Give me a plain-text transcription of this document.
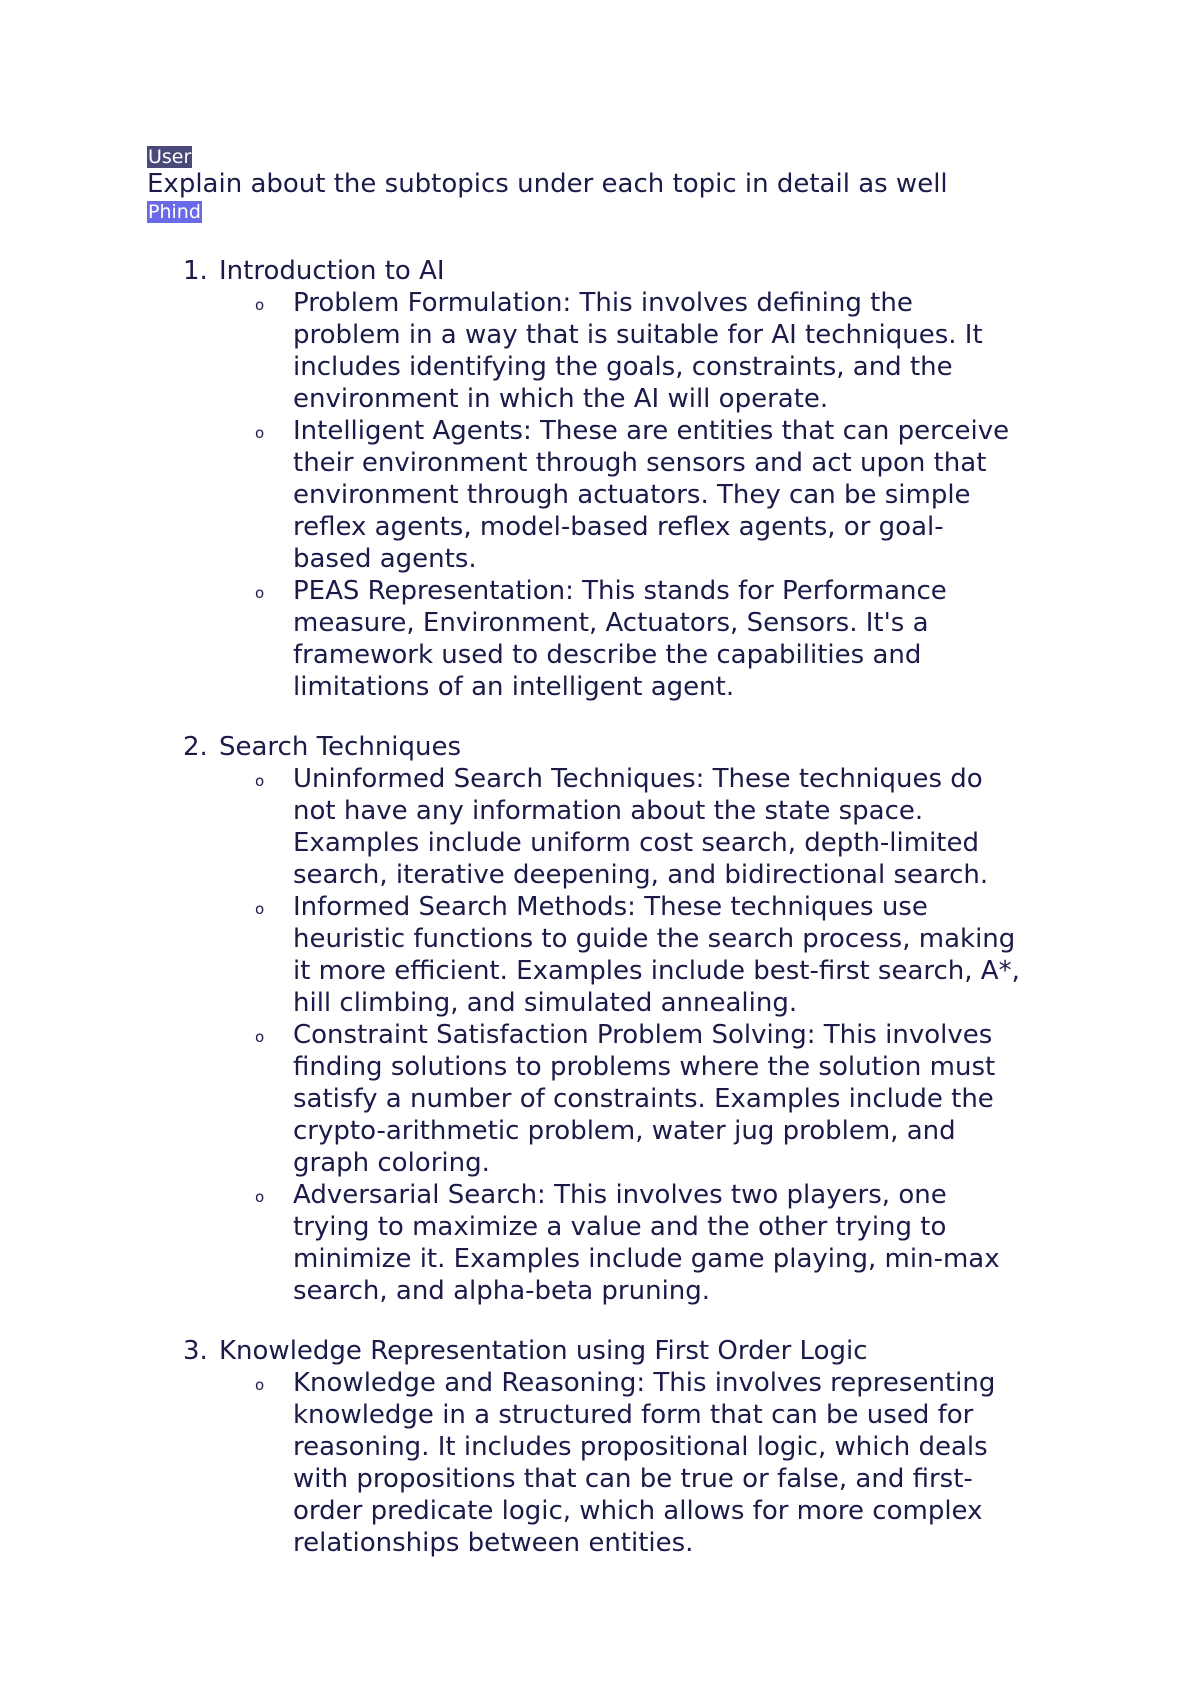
User
Explain about the subtopics under each topic in detail as well
Phind
1. Introduction to AI
o Problem Formulation: This involves defining the
problem in a way that is suitable for AI techniques. It
includes identifying the goals, constraints, and the
environment in which the AI will operate.
o Intelligent Agents: These are entities that can perceive
their environment through sensors and act upon that
environment through actuators. They can be simple
reflex agents, model-based reflex agents, or goal-
based agents.
o PEAS Representation: This stands for Performance
measure, Environment, Actuators, Sensors. It's a
framework used to describe the capabilities and
limitations of an intelligent agent.
2. Search Techniques
o Uninformed Search Techniques: These techniques do
not have any information about the state space.
Examples include uniform cost search, depth-limited
search, iterative deepening, and bidirectional search.
o Informed Search Methods: These techniques use
heuristic functions to guide the search process, making
it more efficient. Examples include best-first search, A*,
hill climbing, and simulated annealing.
o Constraint Satisfaction Problem Solving: This involves
finding solutions to problems where the solution must
satisfy a number of constraints. Examples include the
crypto-arithmetic problem, water jug problem, and
graph coloring.
o Adversarial Search: This involves two players, one
trying to maximize a value and the other trying to
minimize it. Examples include game playing, min-max
search, and alpha-beta pruning.
3. Knowledge Representation using First Order Logic
o Knowledge and Reasoning: This involves representing
knowledge in a structured form that can be used for
reasoning. It includes propositional logic, which deals
with propositions that can be true or false, and first-
order predicate logic, which allows for more complex
relationships between entities.
